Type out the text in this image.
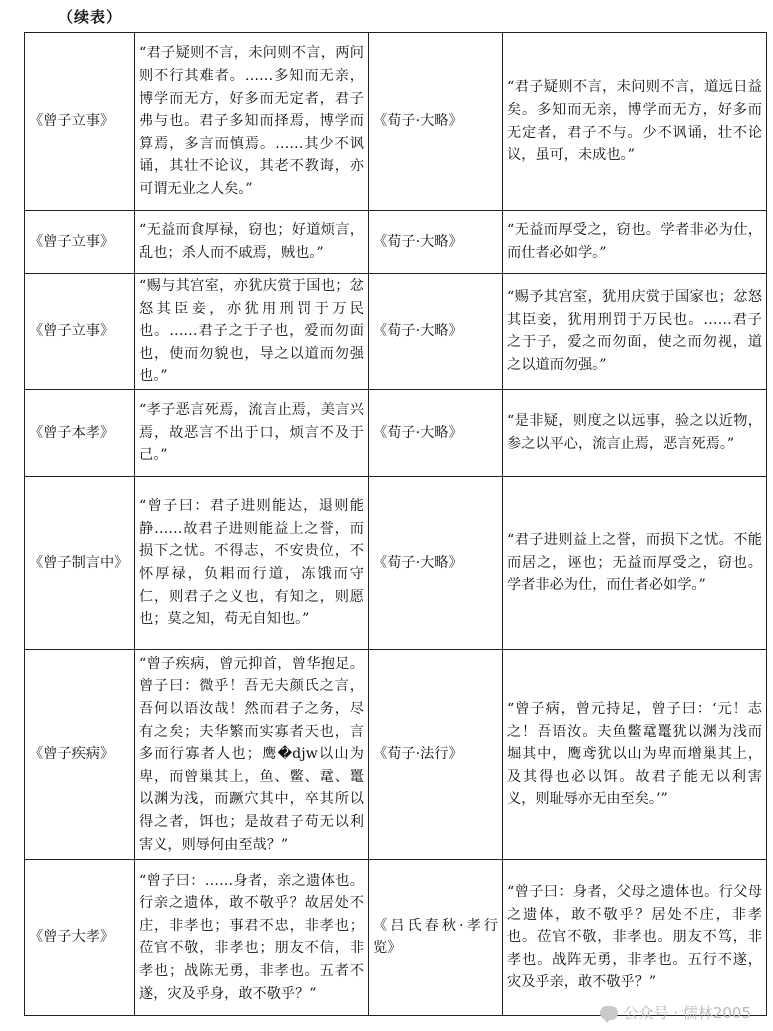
（续表）
《曾子立事》	“君子疑则不言，未问则不言，两问则不行其难者。……多知而无亲，博学而无方，好多而无定者，君子弗与也。君子多知而择焉，博学而算焉，多言而慎焉。……其少不讽诵，其壮不论议，其老不教诲，亦可谓无业之人矣。”	《荀子·大略》	“君子疑则不言，未问则不言，道远日益矣。多知而无亲，博学而无方，好多而无定者，君子不与。少不讽诵，壮不论议，虽可，未成也。”
《曾子立事》	“无益而食厚禄，窃也；好道烦言，乱也；杀人而不戚焉，贼也。”	《荀子·大略》	“无益而厚受之，窃也。学者非必为仕，而仕者必如学。”
《曾子立事》	“赐与其宫室，亦犹庆赏于国也；忿怒其臣妾，亦犹用刑罚于万民也。……君子之于子也，爱而勿面也，使而勿貌也，导之以道而勿强也。”	《荀子·大略》	“赐予其宫室，犹用庆赏于国家也；忿怒其臣妾，犹用刑罚于万民也。……君子之于子，爱之而勿面，使之而勿视，道之以道而勿强。”
《曾子本孝》	“孝子恶言死焉，流言止焉，美言兴焉，故恶言不出于口，烦言不及于己。”	《荀子·大略》	“是非疑，则度之以远事，验之以近物，参之以平心，流言止焉，恶言死焉。”
《曾子制言中》	“曾子曰：君子进则能达，退则能静……故君子进则能益上之誉，而损下之忧。不得志，不安贵位，不怀厚禄，负耜而行道，冻饿而守仁，则君子之义也，有知之，则愿也；莫之知，苟无自知也。”	《荀子·大略》	“君子进则益上之誉，而损下之忧。不能而居之，诬也；无益而厚受之，窃也。学者非必为仕，而仕者必如学。”
《曾子疾病》	“曾子疾病，曾元抑首，曾华抱足。曾子曰：微乎！吾无夫颜氏之言，吾何以语汝哉！然而君子之务，尽有之矣；夫华繁而实寡者天也，言多而行寡者人也；鹰�djw以山为卑，而曾巢其上，鱼、鳖、鼋、鼍以渊为浅，而蹶穴其中，卒其所以得之者，饵也；是故君子苟无以利害义，则辱何由至哉？”	《荀子·法行》	“曾子病，曾元持足，曾子曰：‘元！志之！吾语汝。夫鱼鳖鼋鼍犹以渊为浅而堀其中，鹰鸢犹以山为卑而增巢其上，及其得也必以饵。故君子能无以利害义，则耻辱亦无由至矣。’”
《曾子大孝》	“曾子曰：……身者，亲之遗体也。行亲之遗体，敢不敬乎？故居处不庄，非孝也；事君不忠，非孝也；莅官不敬，非孝也；朋友不信，非孝也；战陈无勇，非孝也。五者不遂，灾及乎身，敢不敬乎？”	《吕氏春秋·孝行览》	“曾子曰：身者，父母之遗体也。行父母之遗体，敢不敬乎？居处不庄，非孝也。莅官不敬，非孝也。朋友不笃，非孝也。战阵无勇，非孝也。五行不遂，灾及乎亲，敢不敬乎？”
公众号 · 儒林2005
